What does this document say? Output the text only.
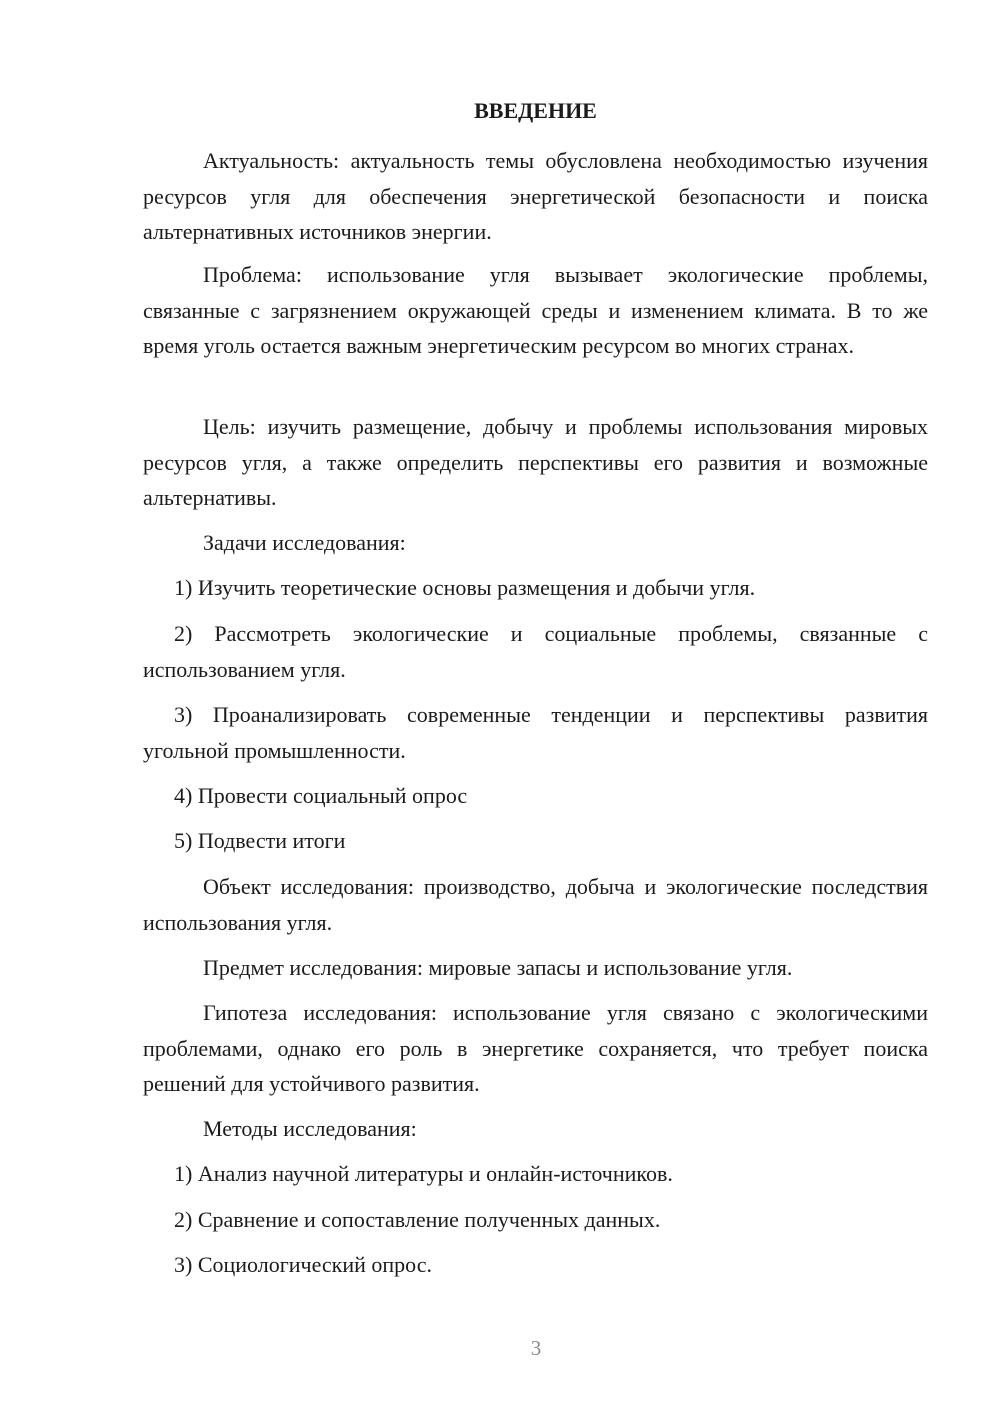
ВВЕДЕНИЕ

Актуальность: актуальность темы обусловлена необходимостью изучения ресурсов угля для обеспечения энергетической безопасности и поиска альтернативных источников энергии.

Проблема: использование угля вызывает экологические проблемы, связанные с загрязнением окружающей среды и изменением климата. В то же время уголь остается важным энергетическим ресурсом во многих странах.

Цель: изучить размещение, добычу и проблемы использования мировых ресурсов угля, а также определить перспективы его развития и возможные альтернативы.

Задачи исследования:

1) Изучить теоретические основы размещения и добычи угля.

2) Рассмотреть экологические и социальные проблемы, связанные с использованием угля.

3) Проанализировать современные тенденции и перспективы развития угольной промышленности.

4) Провести социальный опрос

5) Подвести итоги

Объект исследования: производство, добыча и экологические последствия использования угля.

Предмет исследования: мировые запасы и использование угля.

Гипотеза исследования: использование угля связано с экологическими проблемами, однако его роль в энергетике сохраняется, что требует поиска решений для устойчивого развития.

Методы исследования:

1) Анализ научной литературы и онлайн-источников.

2) Сравнение и сопоставление полученных данных.

3) Социологический опрос.

3
